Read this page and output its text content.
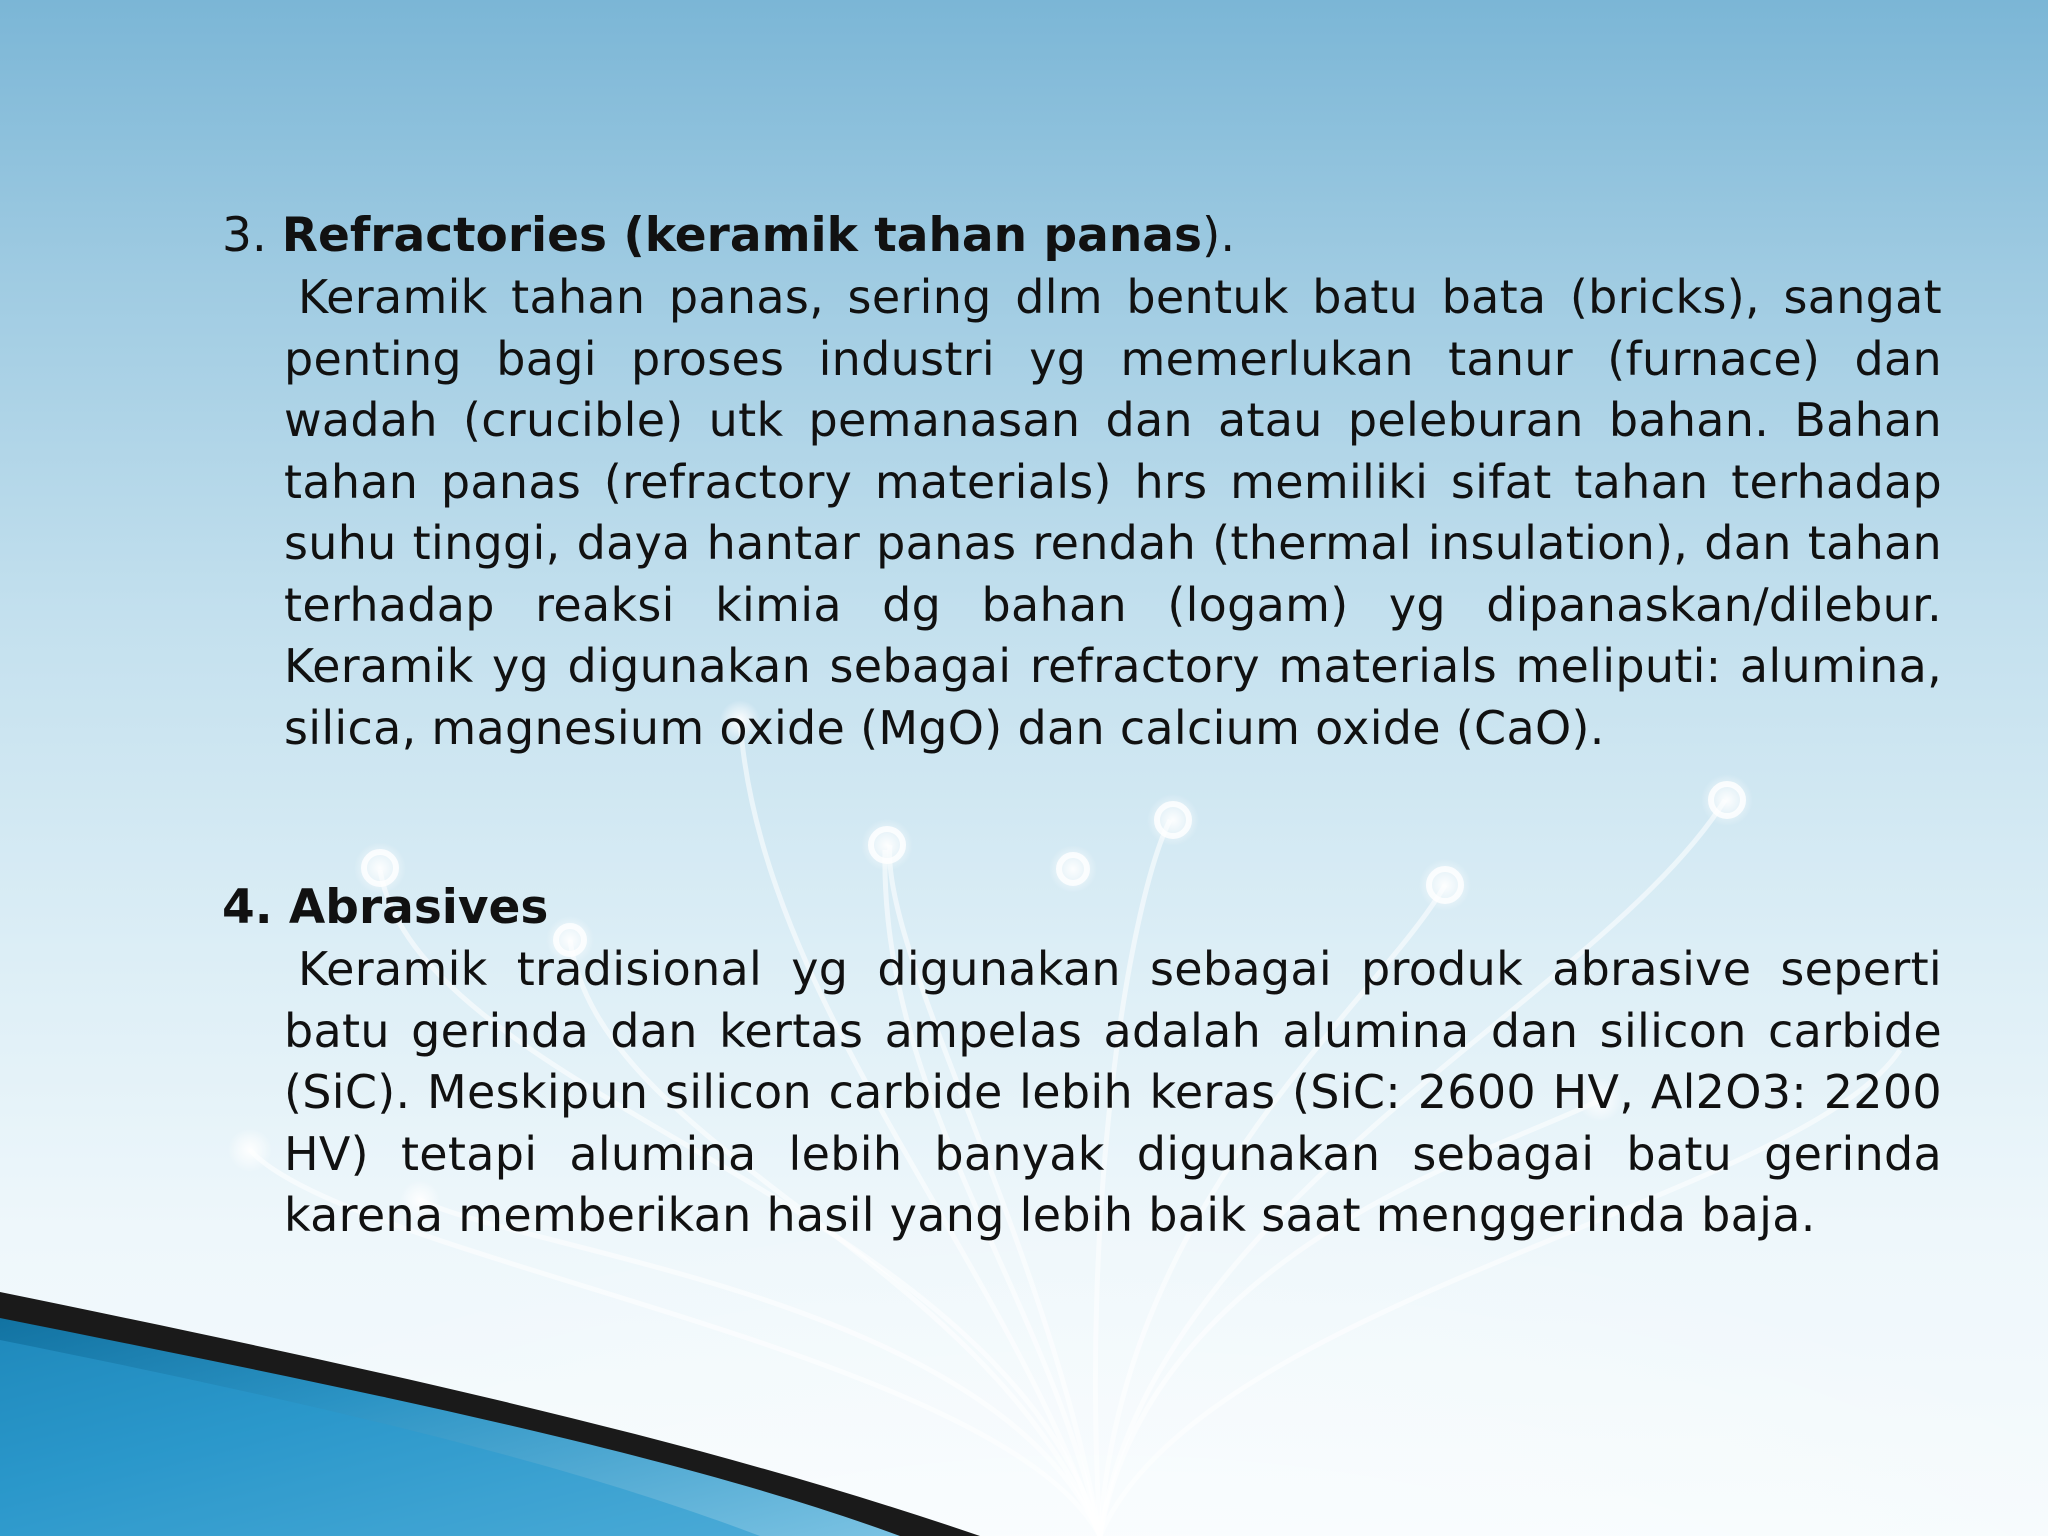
3. Refractories (keramik tahan panas).

Keramik tahan panas, sering dlm bentuk batu bata (bricks), sangat penting bagi proses industri yg memerlukan tanur (furnace) dan wadah (crucible) utk pemanasan dan atau peleburan bahan. Bahan tahan panas (refractory materials) hrs memiliki sifat tahan terhadap suhu tinggi, daya hantar panas rendah (thermal insulation), dan tahan terhadap reaksi kimia dg bahan (logam) yg dipanaskan/dilebur. Keramik yg digunakan sebagai refractory materials meliputi: alumina, silica, magnesium oxide (MgO) dan calcium oxide (CaO).

4. Abrasives

Keramik tradisional yg digunakan sebagai produk abrasive seperti batu gerinda dan kertas ampelas adalah alumina dan silicon carbide (SiC). Meskipun silicon carbide lebih keras (SiC: 2600 HV, Al2O3: 2200 HV) tetapi alumina lebih banyak digunakan sebagai batu gerinda karena memberikan hasil yang lebih baik saat menggerinda baja.
